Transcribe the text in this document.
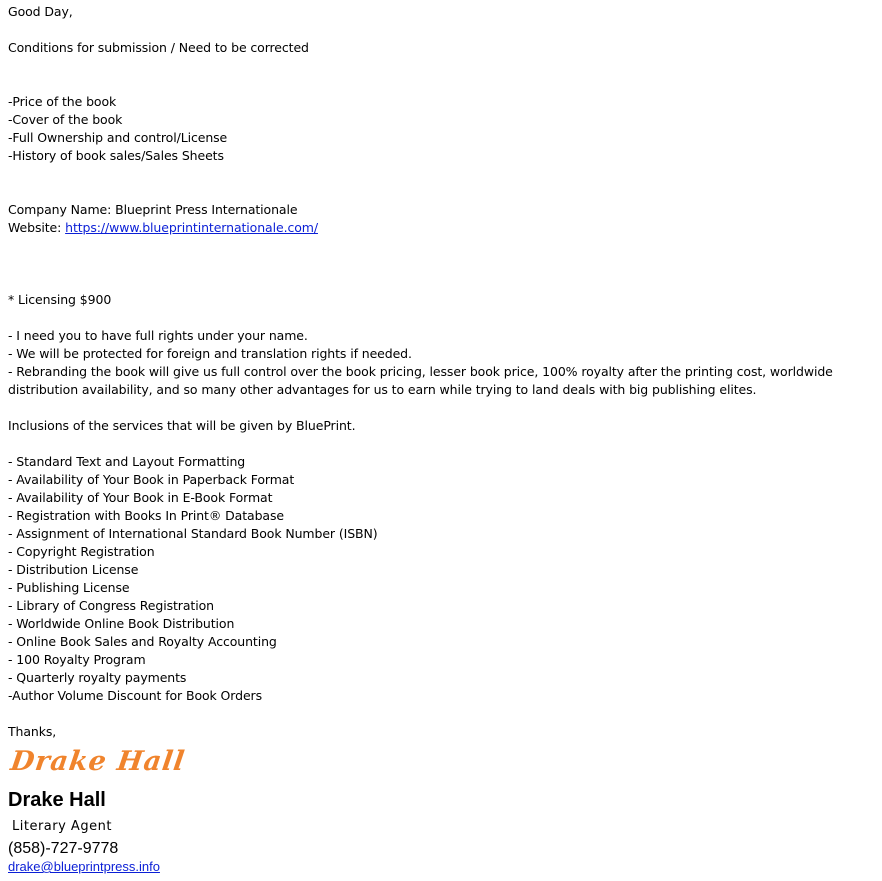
Good Day,
Conditions for submission / Need to be corrected
-Price of the book
-Cover of the book
-Full Ownership and control/License
-History of book sales/Sales Sheets
Company Name: Blueprint Press Internationale
Website: https://www.blueprintinternationale.com/
* Licensing $900
- I need you to have full rights under your name.
- We will be protected for foreign and translation rights if needed.
- Rebranding the book will give us full control over the book pricing, lesser book price, 100% royalty after the printing cost, worldwide distribution availability, and so many other advantages for us to earn while trying to land deals with big publishing elites.
Inclusions of the services that will be given by BluePrint.
- Standard Text and Layout Formatting
- Availability of Your Book in Paperback Format
- Availability of Your Book in E-Book Format
- Registration with Books In Print® Database
- Assignment of International Standard Book Number (ISBN)
- Copyright Registration
- Distribution License
- Publishing License
- Library of Congress Registration
- Worldwide Online Book Distribution
- Online Book Sales and Royalty Accounting
- 100 Royalty Program
- Quarterly royalty payments
-Author Volume Discount for Book Orders
Thanks,
Drake Hall
Drake Hall
Literary Agent
(858)-727-9778
drake@blueprintpress.info
